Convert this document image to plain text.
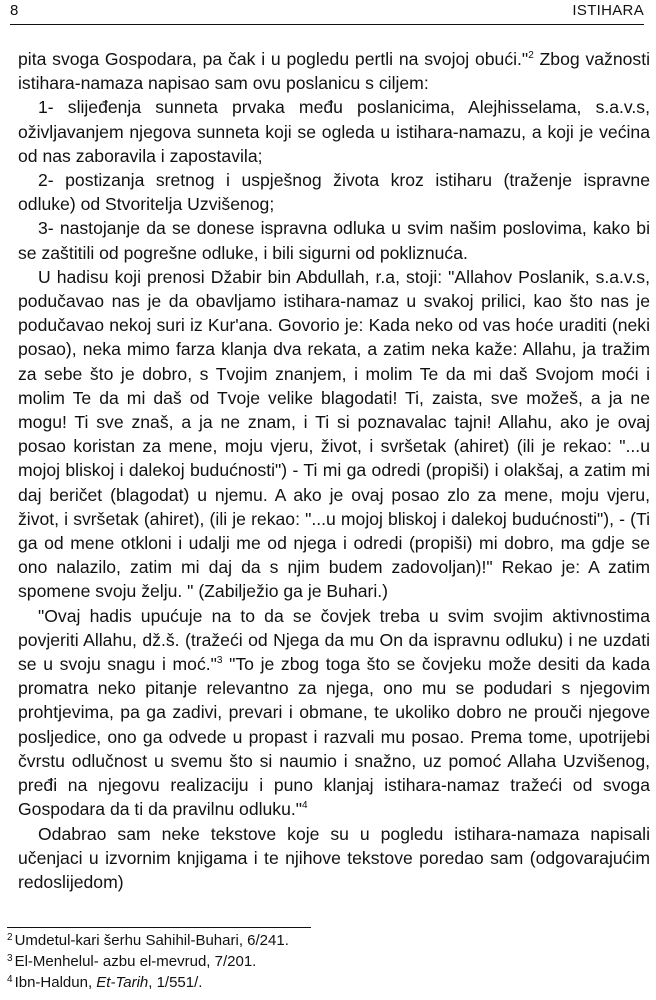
8	ISTIHARA

pita svoga Gospodara, pa čak i u pogledu pertli na svojoj obući."$^2$ Zbog važnosti istihara-namaza napisao sam ovu poslanicu s ciljem:

1- slijeđenja sunneta prvaka među poslanicima, Alejhisselama, s.a.v.s, oživljavanjem njegova sunneta koji se ogleda u istihara-namazu, a koji je većina od nas zaboravila i zapostavila;

2- postizanja sretnog i uspješnog života kroz istiharu (traženje ispravne odluke) od Stvoritelja Uzvišenog;

3- nastojanje da se donese ispravna odluka u svim našim poslovima, kako bi se zaštitili od pogrešne odluke, i bili sigurni od pokliznuća.

U hadisu koji prenosi Džabir bin Abdullah, r.a, stoji: "Allahov Poslanik, s.a.v.s, podučavao nas je da obavljamo istihara-namaz u svakoj prilici, kao što nas je podučavao nekoj suri iz Kur'ana. Govorio je: Kada neko od vas hoće uraditi (neki posao), neka mimo farza klanja dva rekata, a zatim neka kaže: Allahu, ja tražim za sebe što je dobro, s Tvojim znanjem, i molim Te da mi daš Svojom moći i molim Te da mi daš od Tvoje velike blagodati! Ti, zaista, sve možeš, a ja ne mogu! Ti sve znaš, a ja ne znam, i Ti si poznavalac tajni! Allahu, ako je ovaj posao koristan za mene, moju vjeru, život, i svršetak (ahiret) (ili je rekao: "...u mojoj bliskoj i dalekoj budućnosti") - Ti mi ga odredi (propiši) i olakšaj, a zatim mi daj beričet (blagodat) u njemu. A ako je ovaj posao zlo za mene, moju vjeru, život, i svršetak (ahiret), (ili je rekao: "...u mojoj bliskoj i dalekoj budućnosti"), - (Ti ga od mene otkloni i udalji me od njega i odredi (propiši) mi dobro, ma gdje se ono nalazilo, zatim mi daj da s njim budem zadovoljan)!" Rekao je: A zatim spomene svoju želju. " (Zabilježio ga je Buhari.)

"Ovaj hadis upućuje na to da se čovjek treba u svim svojim aktivnostima povjeriti Allahu, dž.š. (tražeći od Njega da mu On da ispravnu odluku) i ne uzdati se u svoju snagu i moć."$^3$ "To je zbog toga što se čovjeku može desiti da kada promatra neko pitanje relevantno za njega, ono mu se podudari s njegovim prohtjevima, pa ga zadivi, prevari i obmane, te ukoliko dobro ne prouči njegove posljedice, ono ga odvede u propast i razvali mu posao. Prema tome, upotrijebi čvrstu odlučnost u svemu što si naumio i snažno, uz pomoć Allaha Uzvišenog, pređi na njegovu realizaciju i puno klanjaj istihara-namaz tražeći od svoga Gospodara da ti da pravilnu odluku."$^4$

Odabrao sam neke tekstove koje su u pogledu istihara-namaza napisali učenjaci u izvornim knjigama i te njihove tekstove poredao sam (odgovarajućim redoslijedom)

$^2$ Umdetul-kari šerhu Sahihil-Buhari, 6/241.
$^3$ El-Menhelul- azbu el-mevrud, 7/201.
$^4$ Ibn-Haldun, Et-Tarih, 1/551/.
